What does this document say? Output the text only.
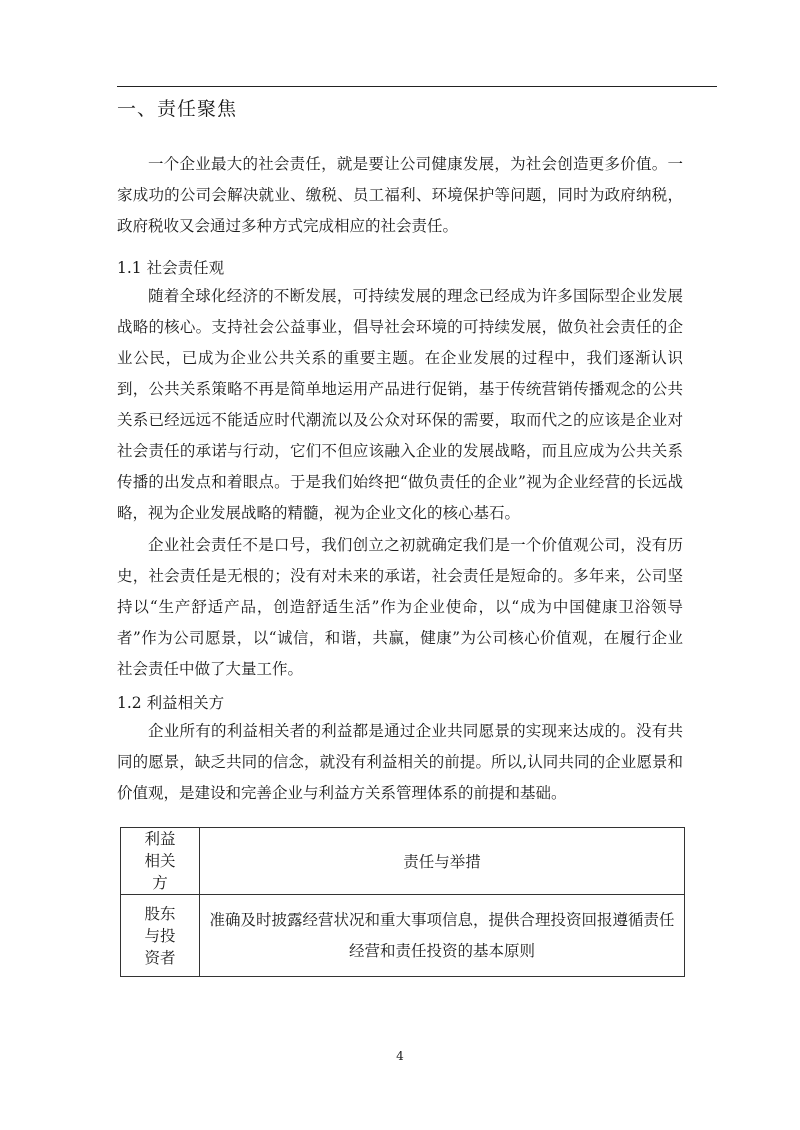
一、责任聚焦

一个企业最大的社会责任，就是要让公司健康发展，为社会创造更多价值。一家成功的公司会解决就业、缴税、员工福利、环境保护等问题，同时为政府纳税，政府税收又会通过多种方式完成相应的社会责任。

1.1 社会责任观

随着全球化经济的不断发展，可持续发展的理念已经成为许多国际型企业发展战略的核心。支持社会公益事业，倡导社会环境的可持续发展，做负社会责任的企业公民，已成为企业公共关系的重要主题。在企业发展的过程中，我们逐渐认识到，公共关系策略不再是简单地运用产品进行促销，基于传统营销传播观念的公共关系已经远远不能适应时代潮流以及公众对环保的需要，取而代之的应该是企业对社会责任的承诺与行动，它们不但应该融入企业的发展战略，而且应成为公共关系传播的出发点和着眼点。于是我们始终把“做负责任的企业”视为企业经营的长远战略，视为企业发展战略的精髓，视为企业文化的核心基石。

企业社会责任不是口号，我们创立之初就确定我们是一个价值观公司，没有历史，社会责任是无根的；没有对未来的承诺，社会责任是短命的。多年来，公司坚持以“生产舒适产品，创造舒适生活”作为企业使命，以“成为中国健康卫浴领导者”作为公司愿景，以“诚信，和谐，共赢，健康”为公司核心价值观，在履行企业社会责任中做了大量工作。

1.2 利益相关方

企业所有的利益相关者的利益都是通过企业共同愿景的实现来达成的。没有共同的愿景，缺乏共同的信念，就没有利益相关的前提。所以,认同共同的企业愿景和价值观，是建设和完善企业与利益方关系管理体系的前提和基础。

利益相关方	责任与举措
股东与投资者	准确及时披露经营状况和重大事项信息，提供合理投资回报遵循责任经营和责任投资的基本原则
4
